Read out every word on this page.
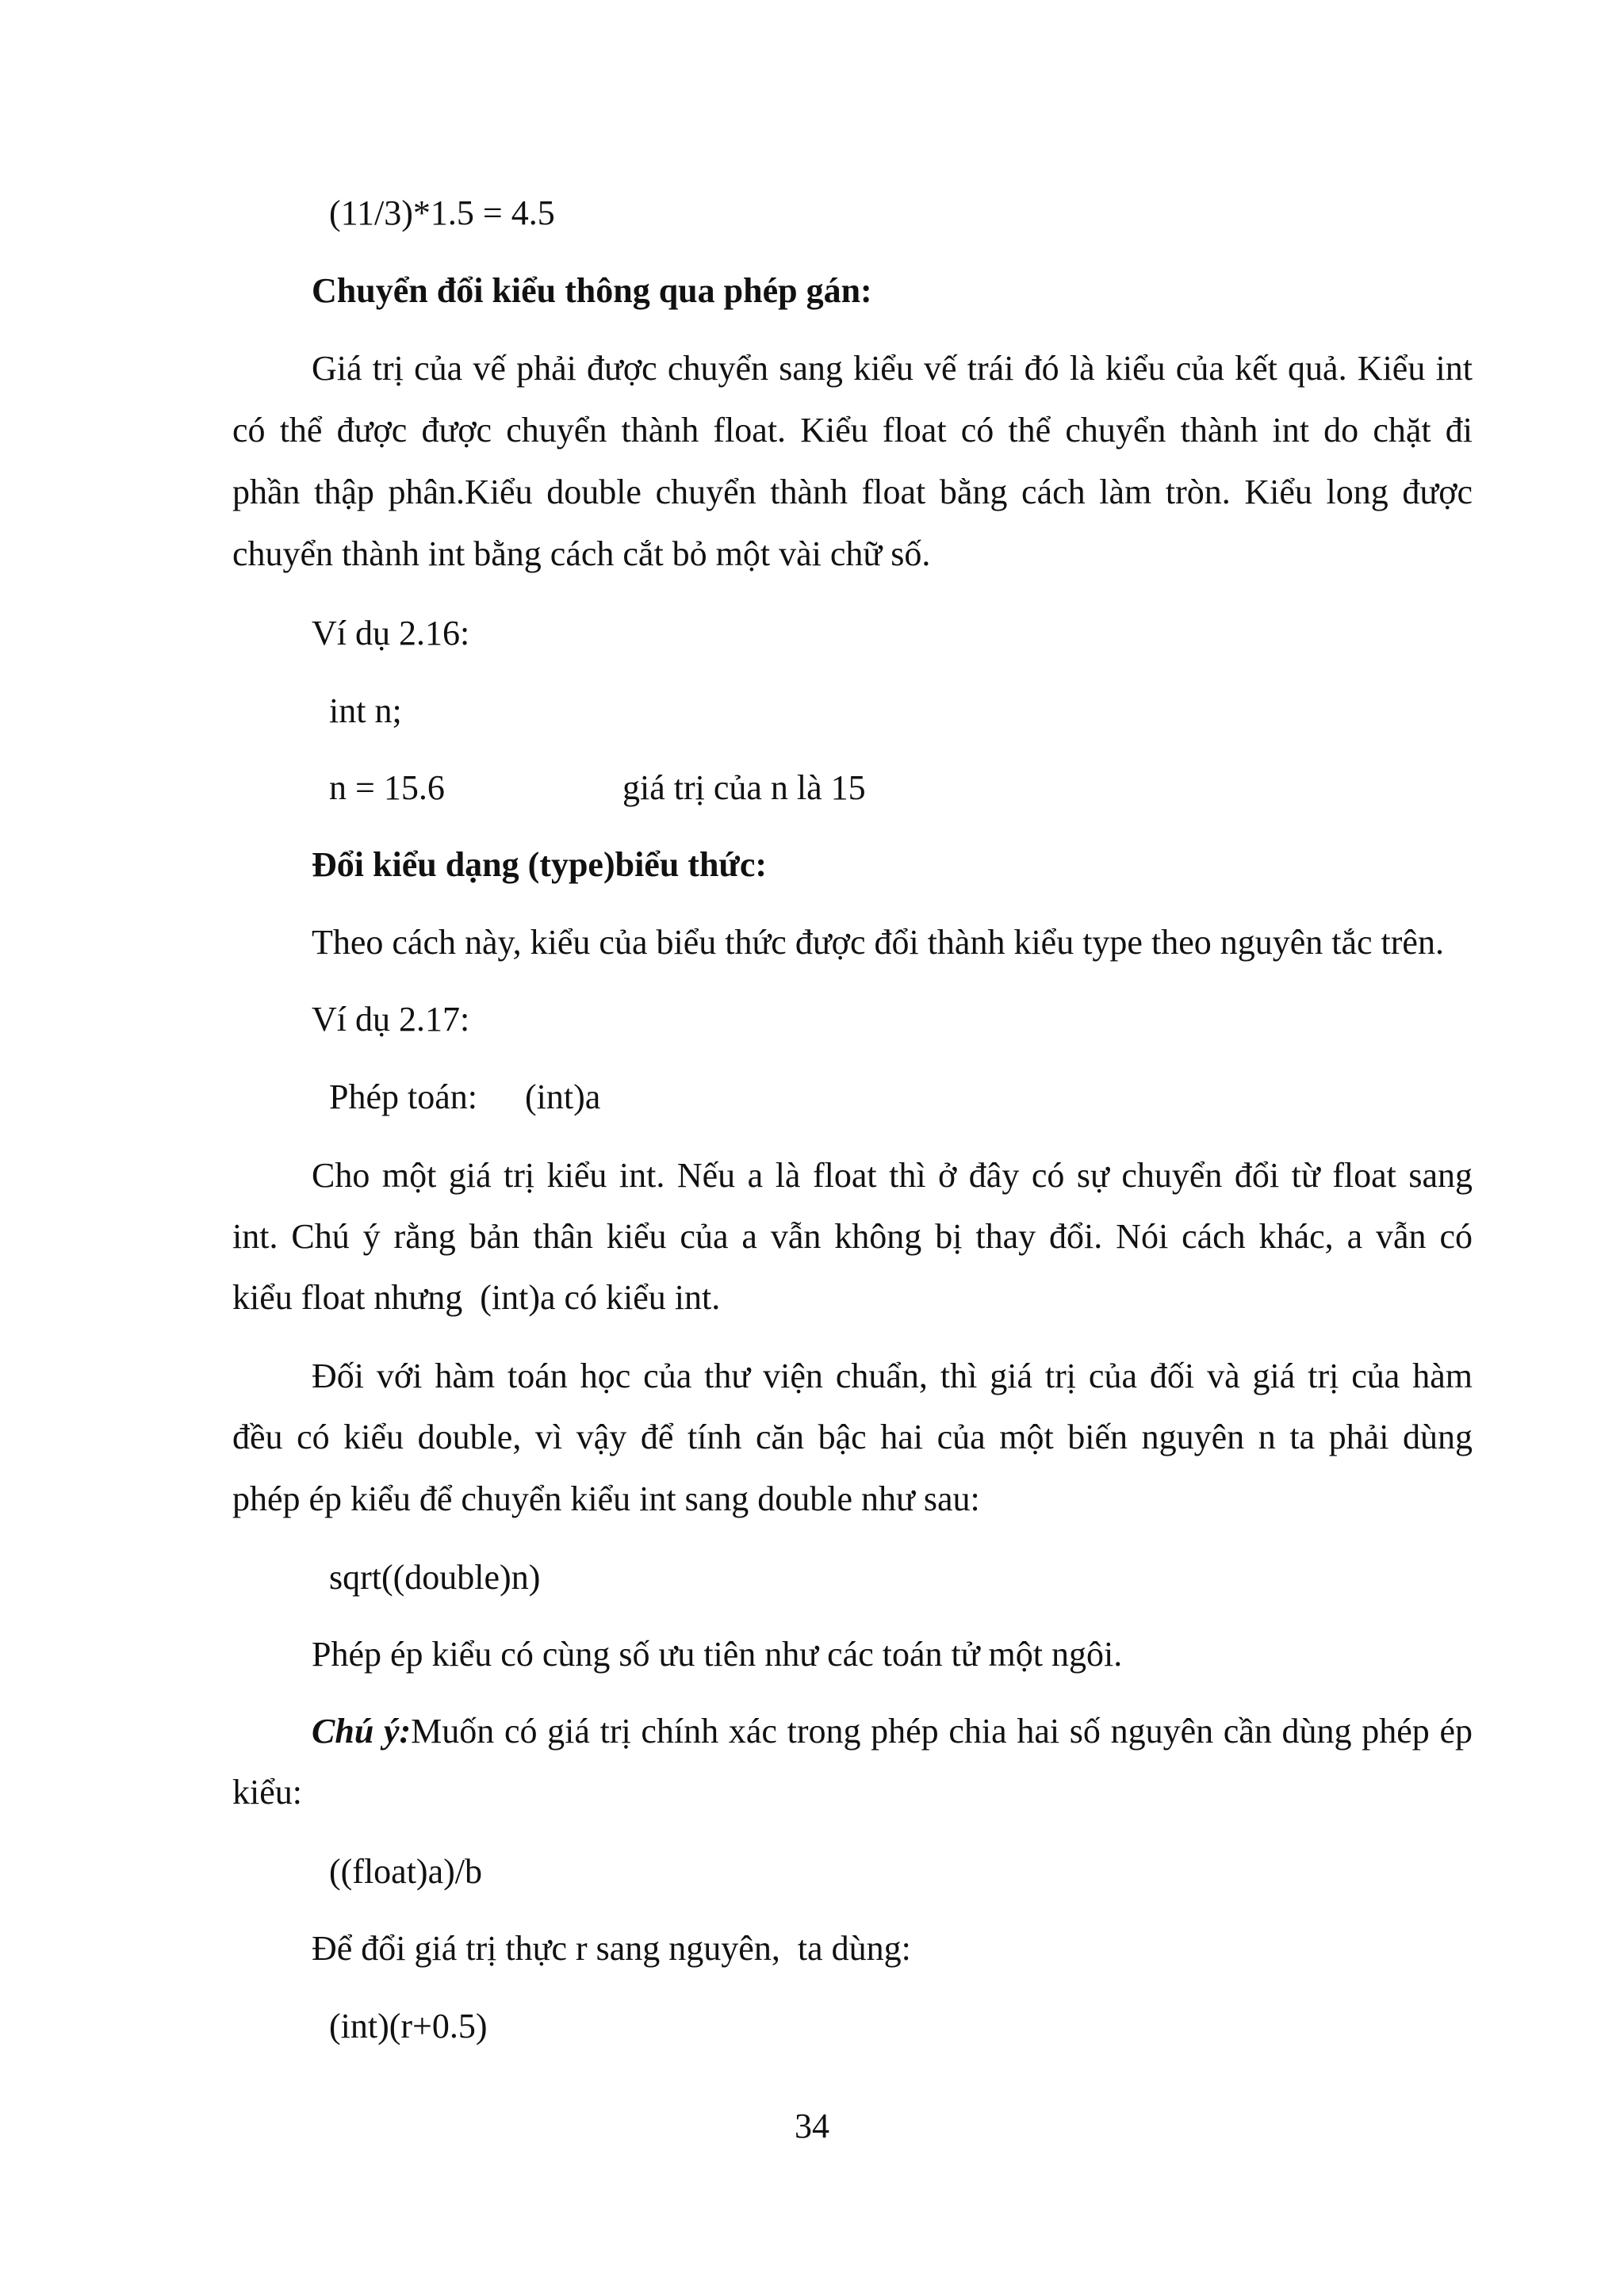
(11/3)*1.5 = 4.5
Chuyển đổi kiểu thông qua phép gán:
Giá trị của vế phải được chuyển sang kiểu vế trái đó là kiểu của kết quả. Kiểu int
có thể được được chuyển thành float. Kiểu float có thể chuyển thành int do chặt đi
phần thập phân.Kiểu double chuyển thành float bằng cách làm tròn. Kiểu long được
chuyển thành int bằng cách cắt bỏ một vài chữ số.
Ví dụ 2.16:
int n;
n = 15.6	giá trị của n là 15
Đổi kiểu dạng (type)biểu thức:
Theo cách này, kiểu của biểu thức được đổi thành kiểu type theo nguyên tắc trên.
Ví dụ 2.17:
Phép toán: (int)a
Cho một giá trị kiểu int. Nếu a là float thì ở đây có sự chuyển đổi từ float sang
int. Chú ý rằng bản thân kiểu của a vẫn không bị thay đổi. Nói cách khác, a vẫn có
kiểu float nhưng  (int)a có kiểu int.
Đối với hàm toán học của thư viện chuẩn, thì giá trị của đối và giá trị của hàm
đều có kiểu double, vì vậy để tính căn bậc hai của một biến nguyên n ta phải dùng
phép ép kiểu để chuyển kiểu int sang double như sau:
sqrt((double)n)
Phép ép kiểu có cùng số ưu tiên như các toán tử một ngôi.
Chú ý:Muốn có giá trị chính xác trong phép chia hai số nguyên cần dùng phép ép
kiểu:
((float)a)/b
Để đổi giá trị thực r sang nguyên,  ta dùng:
(int)(r+0.5)
34
